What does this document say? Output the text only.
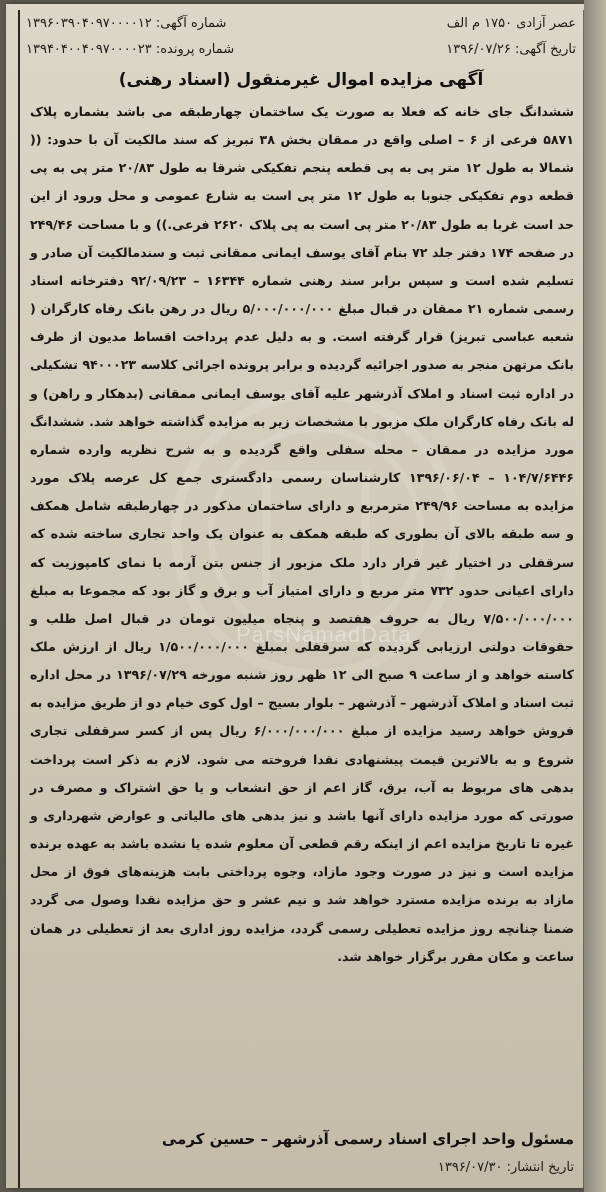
ParsNamadData
عصر آزادی ۱۷۵۰ م الف
شماره آگهی: ۱۳۹۶۰۳۹۰۴۰۹۷۰۰۰۰۱۲
تاریخ آگهی: ۱۳۹۶/۰۷/۲۶
شماره پرونده: ۱۳۹۴۰۴۰۰۴۰۹۷۰۰۰۰۲۳
آگهی مزایده اموال غیرمنقول (اسناد رهنی)
ششدانگ جای خانه که فعلا به صورت یک ساختمان چهارطبقه می باشد بشماره پلاک ۵۸۷۱ فرعی از ۶ – اصلی واقع در ممقان بخش ۳۸ تبریز که سند مالکیت آن با حدود: (( شمالا به طول ۱۲ متر پی به پی قطعه پنجم تفکیکی شرقا به طول ۲۰/۸۳ متر پی به پی قطعه دوم تفکیکی جنوبا به طول ۱۲ متر پی است به شارع عمومی و محل ورود از این حد است غربا به طول ۲۰/۸۳ متر پی است به پی پلاک ۲۶۲۰ فرعی.)) و با مساحت ۲۴۹/۴۶ در صفحه ۱۷۴ دفتر جلد ۷۲ بنام آقای یوسف ایمانی ممقانی ثبت و سندمالکیت آن صادر و تسلیم شده است و سپس برابر سند رهنی شماره ۱۶۳۴۴ – ۹۲/۰۹/۲۳ دفترخانه اسناد رسمی شماره ۲۱ ممقان در قبال مبلغ ۵/۰۰۰/۰۰۰/۰۰۰ ریال در رهن بانک رفاه کارگران ( شعبه عباسی تبریز) قرار گرفته است. و به دلیل عدم پرداخت اقساط مدیون از طرف بانک مرتهن منجر به صدور اجرائیه گردیده و برابر پرونده اجرائی کلاسه ۹۴۰۰۰۲۳ تشکیلی در اداره ثبت اسناد و املاک آذرشهر علیه آقای یوسف ایمانی ممقانی (بدهکار و راهن) و له بانک رفاه کارگران ملک مزبور با مشخصات زیر به مزایده گذاشته خواهد شد. ششدانگ مورد مزایده در ممقان – محله سفلی واقع گردیده و به شرح نظریه وارده شماره ۱۰۴/۷/۶۴۴۶ – ۱۳۹۶/۰۶/۰۴ کارشناسان رسمی دادگستری جمع کل عرصه پلاک مورد مزایده به مساحت ۲۴۹/۹۶ مترمربع و دارای ساختمان مذکور در چهارطبقه شامل همکف و سه طبقه بالای آن بطوری که طبقه همکف به عنوان یک واحد تجاری ساخته شده که سرقفلی در اختیار غیر قرار دارد ملک مزبور از جنس بتن آرمه با نمای کامپوزیت که دارای اعیانی حدود ۷۳۲ متر مربع و دارای امتیاز آب و برق و گاز بود که مجموعا به مبلغ ۷/۵۰۰/۰۰۰/۰۰۰ ریال به حروف هفتصد و پنجاه میلیون تومان در قبال اصل طلب و حقوقات دولتی ارزیابی گردیده که سرقفلی بمبلغ ۱/۵۰۰/۰۰۰/۰۰۰ ریال از ارزش ملک کاسته خواهد و از ساعت ۹ صبح الی ۱۲ ظهر روز شنبه مورخه ۱۳۹۶/۰۷/۲۹ در محل اداره ثبت اسناد و املاک آذرشهر – آذرشهر – بلوار بسیج – اول کوی خیام دو از طریق مزایده به فروش خواهد رسید مزایده از مبلغ ۶/۰۰۰/۰۰۰/۰۰۰ ریال پس از کسر سرقفلی تجاری شروع و به بالاترین قیمت پیشنهادی نقدا فروخته می شود. لازم به ذکر است پرداخت بدهی های مربوط به آب، برق، گاز اعم از حق انشعاب و یا حق اشتراک و مصرف در صورتی که مورد مزایده دارای آنها باشد و نیز بدهی های مالیاتی و عوارض شهرداری و غیره تا تاریخ مزایده اعم از اینکه رقم قطعی آن معلوم شده یا نشده باشد به عهده برنده مزایده است و نیز در صورت وجود مازاد، وجوه پرداختی بابت هزینه‌های فوق از محل مازاد به برنده مزایده مسترد خواهد شد و نیم عشر و حق مزایده نقدا وصول می گردد ضمنا چنانچه روز مزایده تعطیلی رسمی گردد، مزایده روز اداری بعد از تعطیلی در همان ساعت و مکان مقرر برگزار خواهد شد.
مسئول واحد اجرای اسناد رسمی آذرشهر – حسین کرمی
تاریخ انتشار: ۱۳۹۶/۰۷/۳۰
